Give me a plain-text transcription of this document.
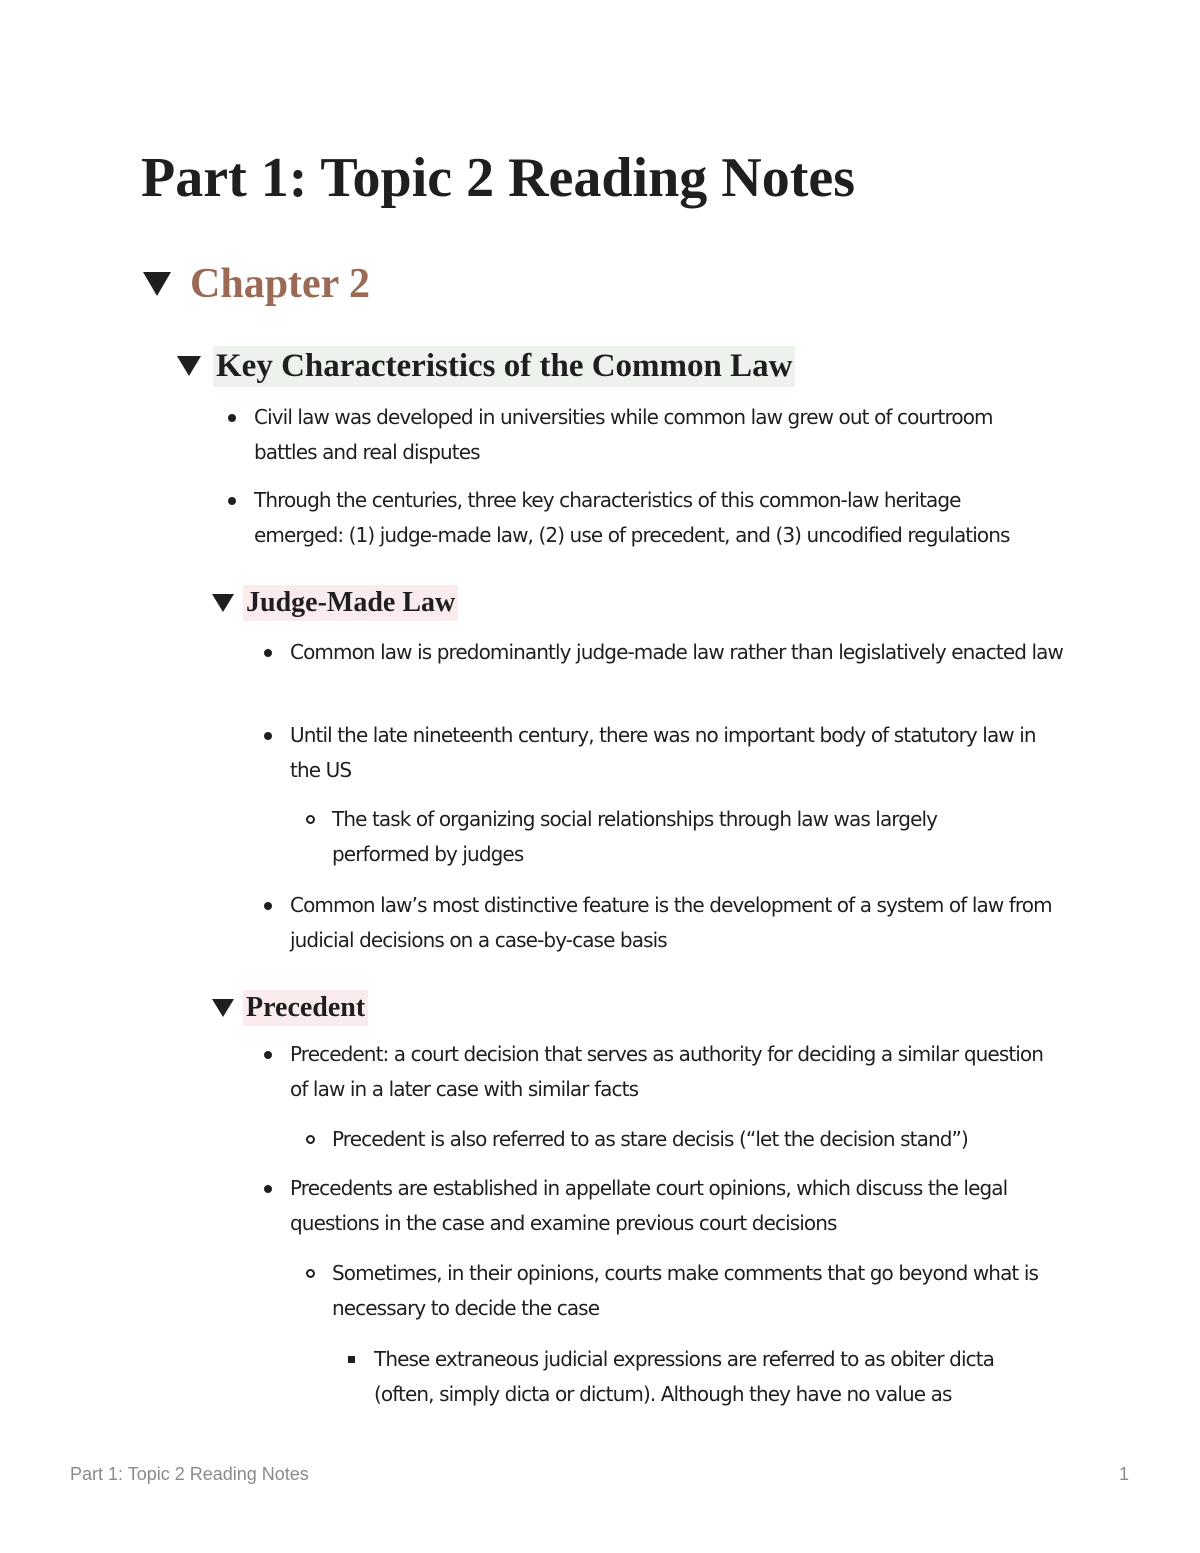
Part 1: Topic 2 Reading Notes
Chapter 2
Key Characteristics of the Common Law
Civil law was developed in universities while common law grew out of courtroom battles and real disputes
Through the centuries, three key characteristics of this common-law heritage emerged: (1) judge-made law, (2) use of precedent, and (3) uncodified regulations
Judge-Made Law
Common law is predominantly judge-made law rather than legislatively enacted law
Until the late nineteenth century, there was no important body of statutory law in the US
The task of organizing social relationships through law was largely performed by judges
Common law’s most distinctive feature is the development of a system of law from judicial decisions on a case-by-case basis
Precedent
Precedent: a court decision that serves as authority for deciding a similar question of law in a later case with similar facts
Precedent is also referred to as stare decisis (“let the decision stand”)
Precedents are established in appellate court opinions, which discuss the legal questions in the case and examine previous court decisions
Sometimes, in their opinions, courts make comments that go beyond what is necessary to decide the case
These extraneous judicial expressions are referred to as obiter dicta (often, simply dicta or dictum). Although they have no value as
Part 1: Topic 2 Reading Notes	1
